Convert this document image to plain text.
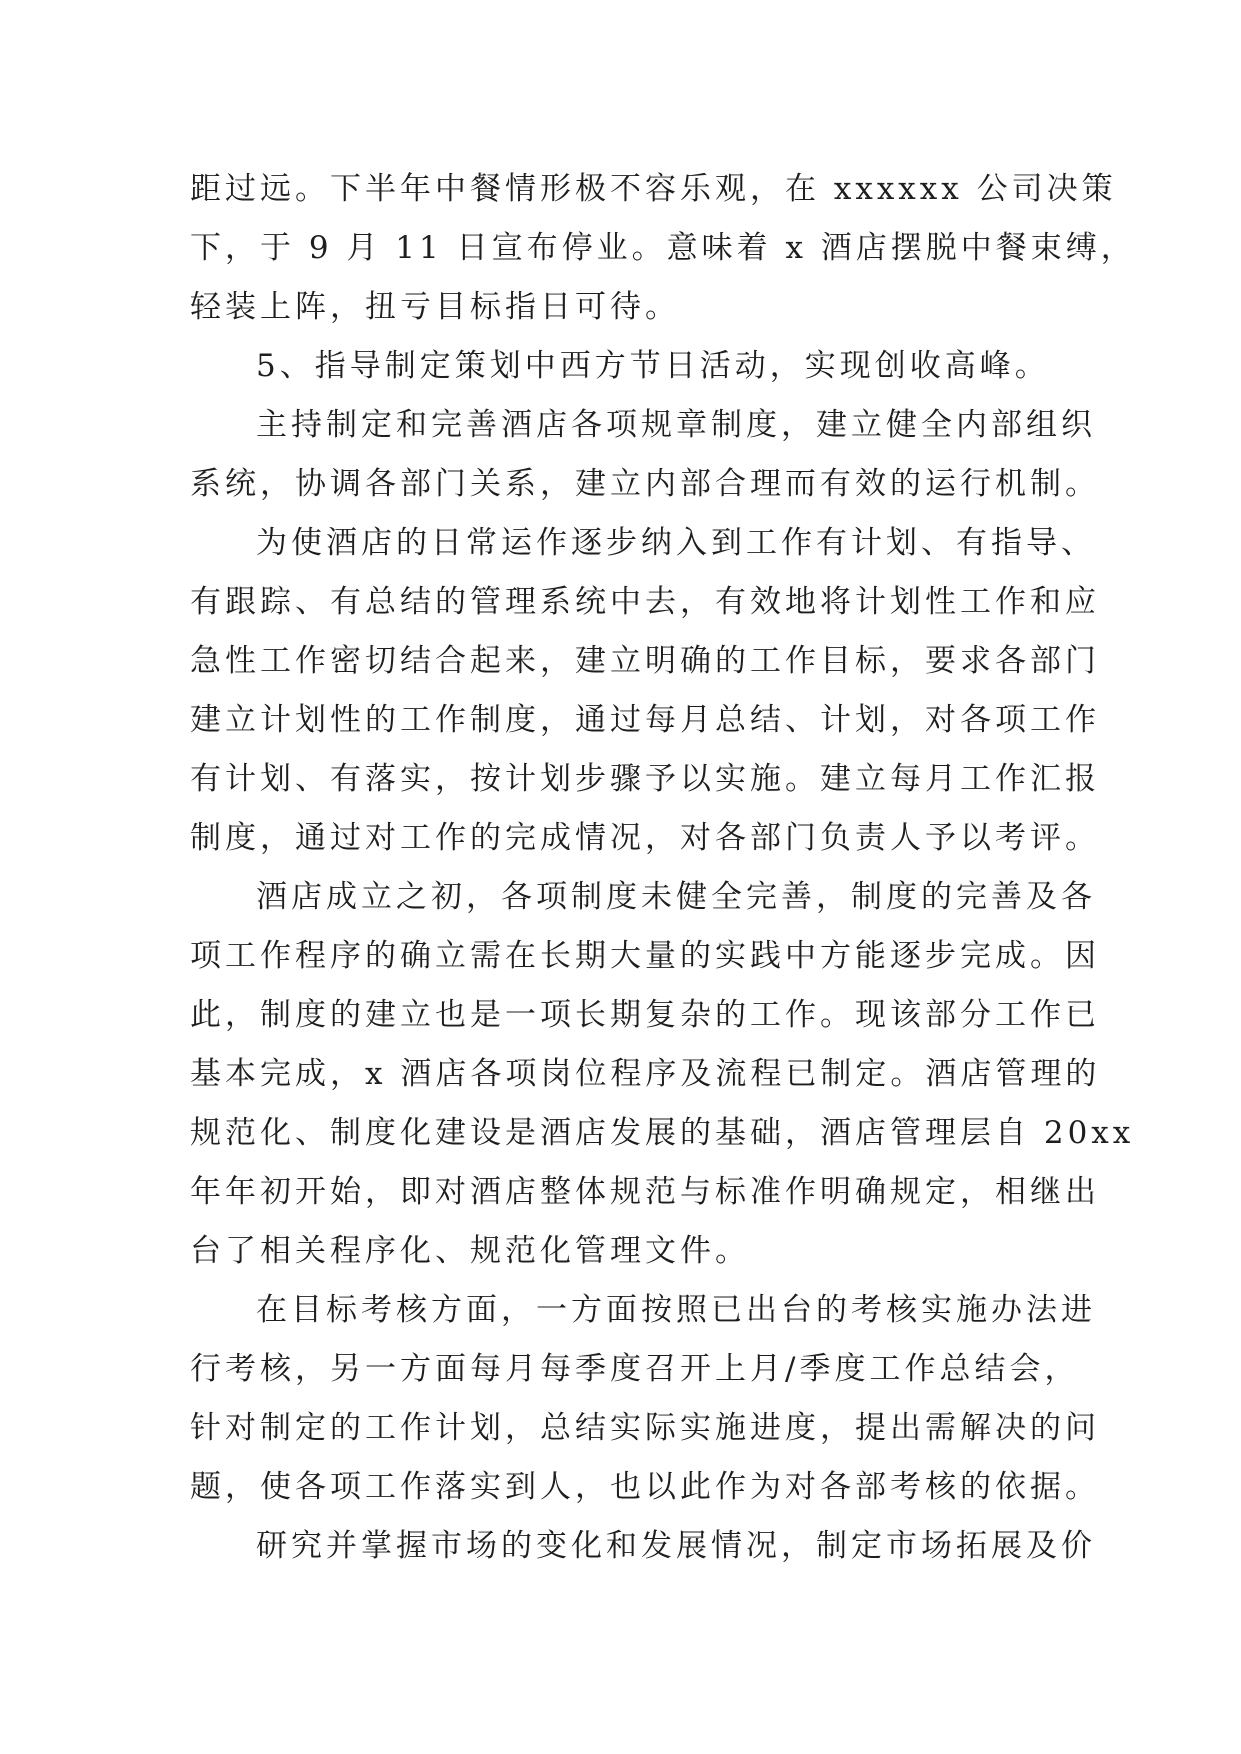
距过远。下半年中餐情形极不容乐观，在 xxxxxx 公司决策
下，于 9 月 11 日宣布停业。意味着 x 酒店摆脱中餐束缚，
轻装上阵，扭亏目标指日可待。
5、指导制定策划中西方节日活动，实现创收高峰。
主持制定和完善酒店各项规章制度，建立健全内部组织
系统，协调各部门关系，建立内部合理而有效的运行机制。
为使酒店的日常运作逐步纳入到工作有计划、有指导、
有跟踪、有总结的管理系统中去，有效地将计划性工作和应
急性工作密切结合起来，建立明确的工作目标，要求各部门
建立计划性的工作制度，通过每月总结、计划，对各项工作
有计划、有落实，按计划步骤予以实施。建立每月工作汇报
制度，通过对工作的完成情况，对各部门负责人予以考评。
酒店成立之初，各项制度未健全完善，制度的完善及各
项工作程序的确立需在长期大量的实践中方能逐步完成。因
此，制度的建立也是一项长期复杂的工作。现该部分工作已
基本完成，x 酒店各项岗位程序及流程已制定。酒店管理的
规范化、制度化建设是酒店发展的基础，酒店管理层自 20xx
年年初开始，即对酒店整体规范与标准作明确规定，相继出
台了相关程序化、规范化管理文件。
在目标考核方面，一方面按照已出台的考核实施办法进
行考核，另一方面每月每季度召开上月/季度工作总结会，
针对制定的工作计划，总结实际实施进度，提出需解决的问
题，使各项工作落实到人，也以此作为对各部考核的依据。
研究并掌握市场的变化和发展情况，制定市场拓展及价
